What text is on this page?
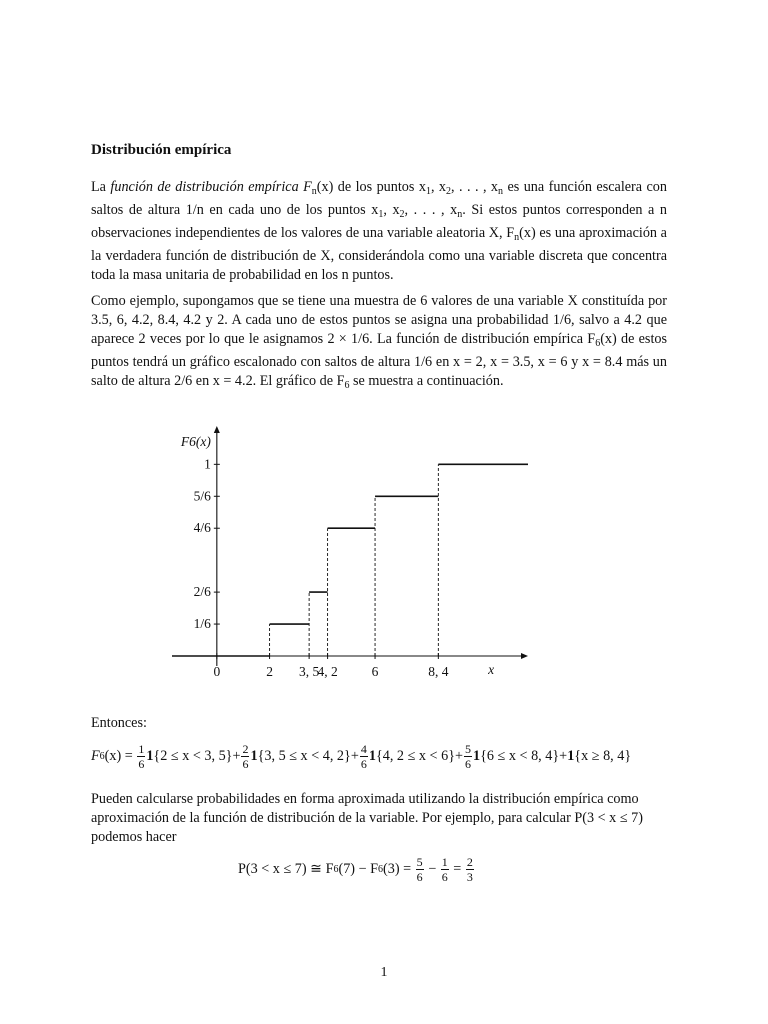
Distribución empírica

La función de distribución empírica $F_n(x)$ de los puntos $x_1$, $x_2$, . . . , $x_n$ es una función escalera con saltos de altura 1/n en cada uno de los puntos $x_1$, $x_2$, . . . , $x_n$. Si estos puntos corresponden a n observaciones independientes de los valores de una variable aleatoria X, $F_n(x)$ es una aproximación a la verdadera función de distribución de X, considerándola como una variable discreta que concentra toda la masa unitaria de probabilidad en los n puntos.

Como ejemplo, supongamos que se tiene una muestra de 6 valores de una variable X constituída por 3.5, 6, 4.2, 8.4, 4.2 y 2. A cada uno de estos puntos se asigna una probabilidad 1/6, salvo a 4.2 que aparece 2 veces por lo que le asignamos 2 × 1/6. La función de distribución empírica $F_6(x)$ de estos puntos tendrá un gráfico escalonado con saltos de altura 1/6 en x = 2, x = 3.5, x = 6 y x = 8.4 más un salto de altura 2/6 en x = 4.2. El gráfico de $F_6$ se muestra a continuación.

1/6
2/6
4/6
5/6
1
0	2 3, 5
4, 2	6	8, 4	x
F6(x)

Entonces:

F 6 $(x) = \frac{1}{6} 1$ {2 ≤ x < 3, $5\}+ \frac{2}{6} 1$ {3, 5 ≤ x < 4, $2\}+ \frac{4}{6} 1$ {4, $2 \le x < 6\}+ \frac{5}{6} 1$ {6 ≤ x < 8, 4}+ 1 {x ≥ 8, 4}

Pueden calcularse probabilidades en forma aproximada utilizando la distribución empírica como aproximación de la función de distribución de la variable. Por ejemplo, para calcular P(3 < x ≤ 7) podemos hacer

P(3 < x ≤ 7) ≅ F 6 (7) − F 6 $(3) = \frac{5}{6} - \frac{1}{6} = \frac{2}{3}$
1
